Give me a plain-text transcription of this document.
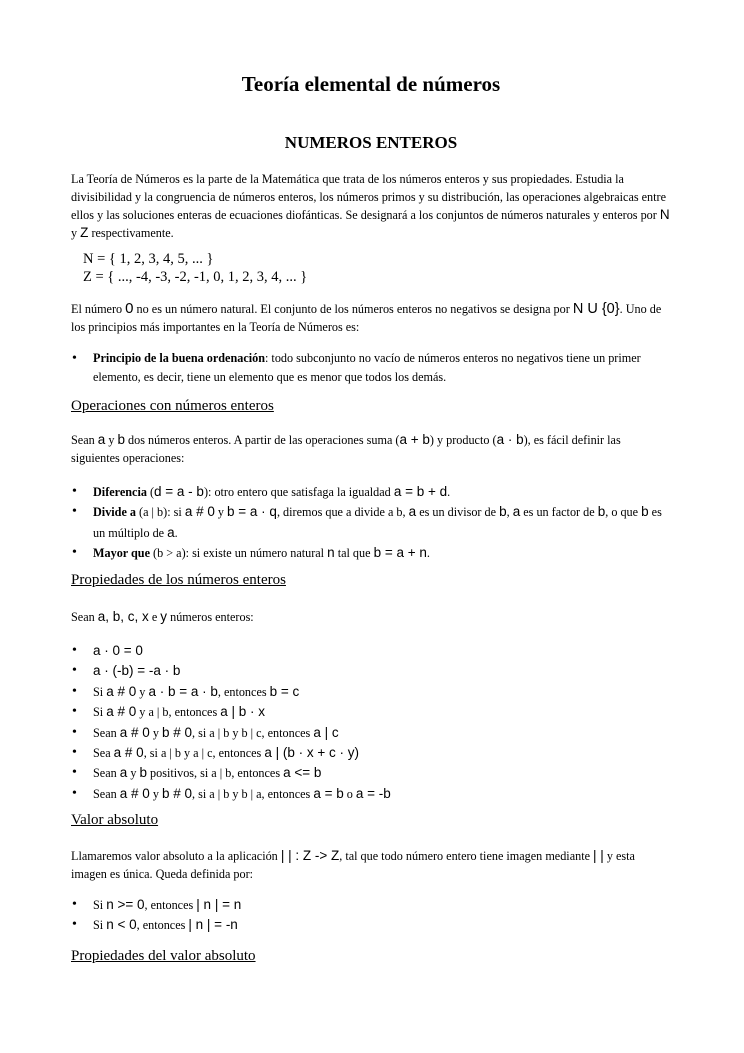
Teoría elemental de números
NUMEROS ENTEROS

La Teoría de Números es la parte de la Matemática que trata de los números enteros y sus propiedades. Estudia la divisibilidad y la congruencia de números enteros, los números primos y su distribución, las operaciones algebraicas entre ellos y las soluciones enteras de ecuaciones diofánticas. Se designará a los conjuntos de números naturales y enteros por N y Z respectivamente.

N = { 1, 2, 3, 4, 5, ... }

Z = { ..., -4, -3, -2, -1, 0, 1, 2, 3, 4, ... }

El número 0 no es un número natural. El conjunto de los números enteros no negativos se designa por N U {0}. Uno de los principios más importantes en la Teoría de Números es:

• Principio de la buena ordenación: todo subconjunto no vacío de números enteros no negativos tiene un primer elemento, es decir, tiene un elemento que es menor que todos los demás.
Operaciones con números enteros

Sean a y b dos números enteros. A partir de las operaciones suma (a + b) y producto (a · b), es fácil definir las siguientes operaciones:

• Diferencia (d = a - b): otro entero que satisfaga la igualdad a = b + d.
• Divide a (a | b): si a # 0 y b = a · q, diremos que a divide a b, a es un divisor de b, a es un factor de b, o que b es un múltiplo de a.
• Mayor que (b > a): si existe un número natural n tal que b = a + n.
Propiedades de los números enteros

Sean a, b, c, x e y números enteros:

• a · 0 = 0
• a · (-b) = -a · b
• Si a # 0 y a · b = a · b, entonces b = c
• Si a # 0 y a | b, entonces a | b · x
• Sean a # 0 y b # 0, si a | b y b | c, entonces a | c
• Sea a # 0, si a | b y a | c, entonces a | (b · x + c · y)
• Sean a y b positivos, si a | b, entonces a <= b
• Sean a # 0 y b # 0, si a | b y b | a, entonces a = b o a = -b
Valor absoluto

Llamaremos valor absoluto a la aplicación | | : Z -> Z, tal que todo número entero tiene imagen mediante | | y esta imagen es única. Queda definida por:

• Si n >= 0, entonces | n | = n
• Si n < 0, entonces | n | = -n
Propiedades del valor absoluto
